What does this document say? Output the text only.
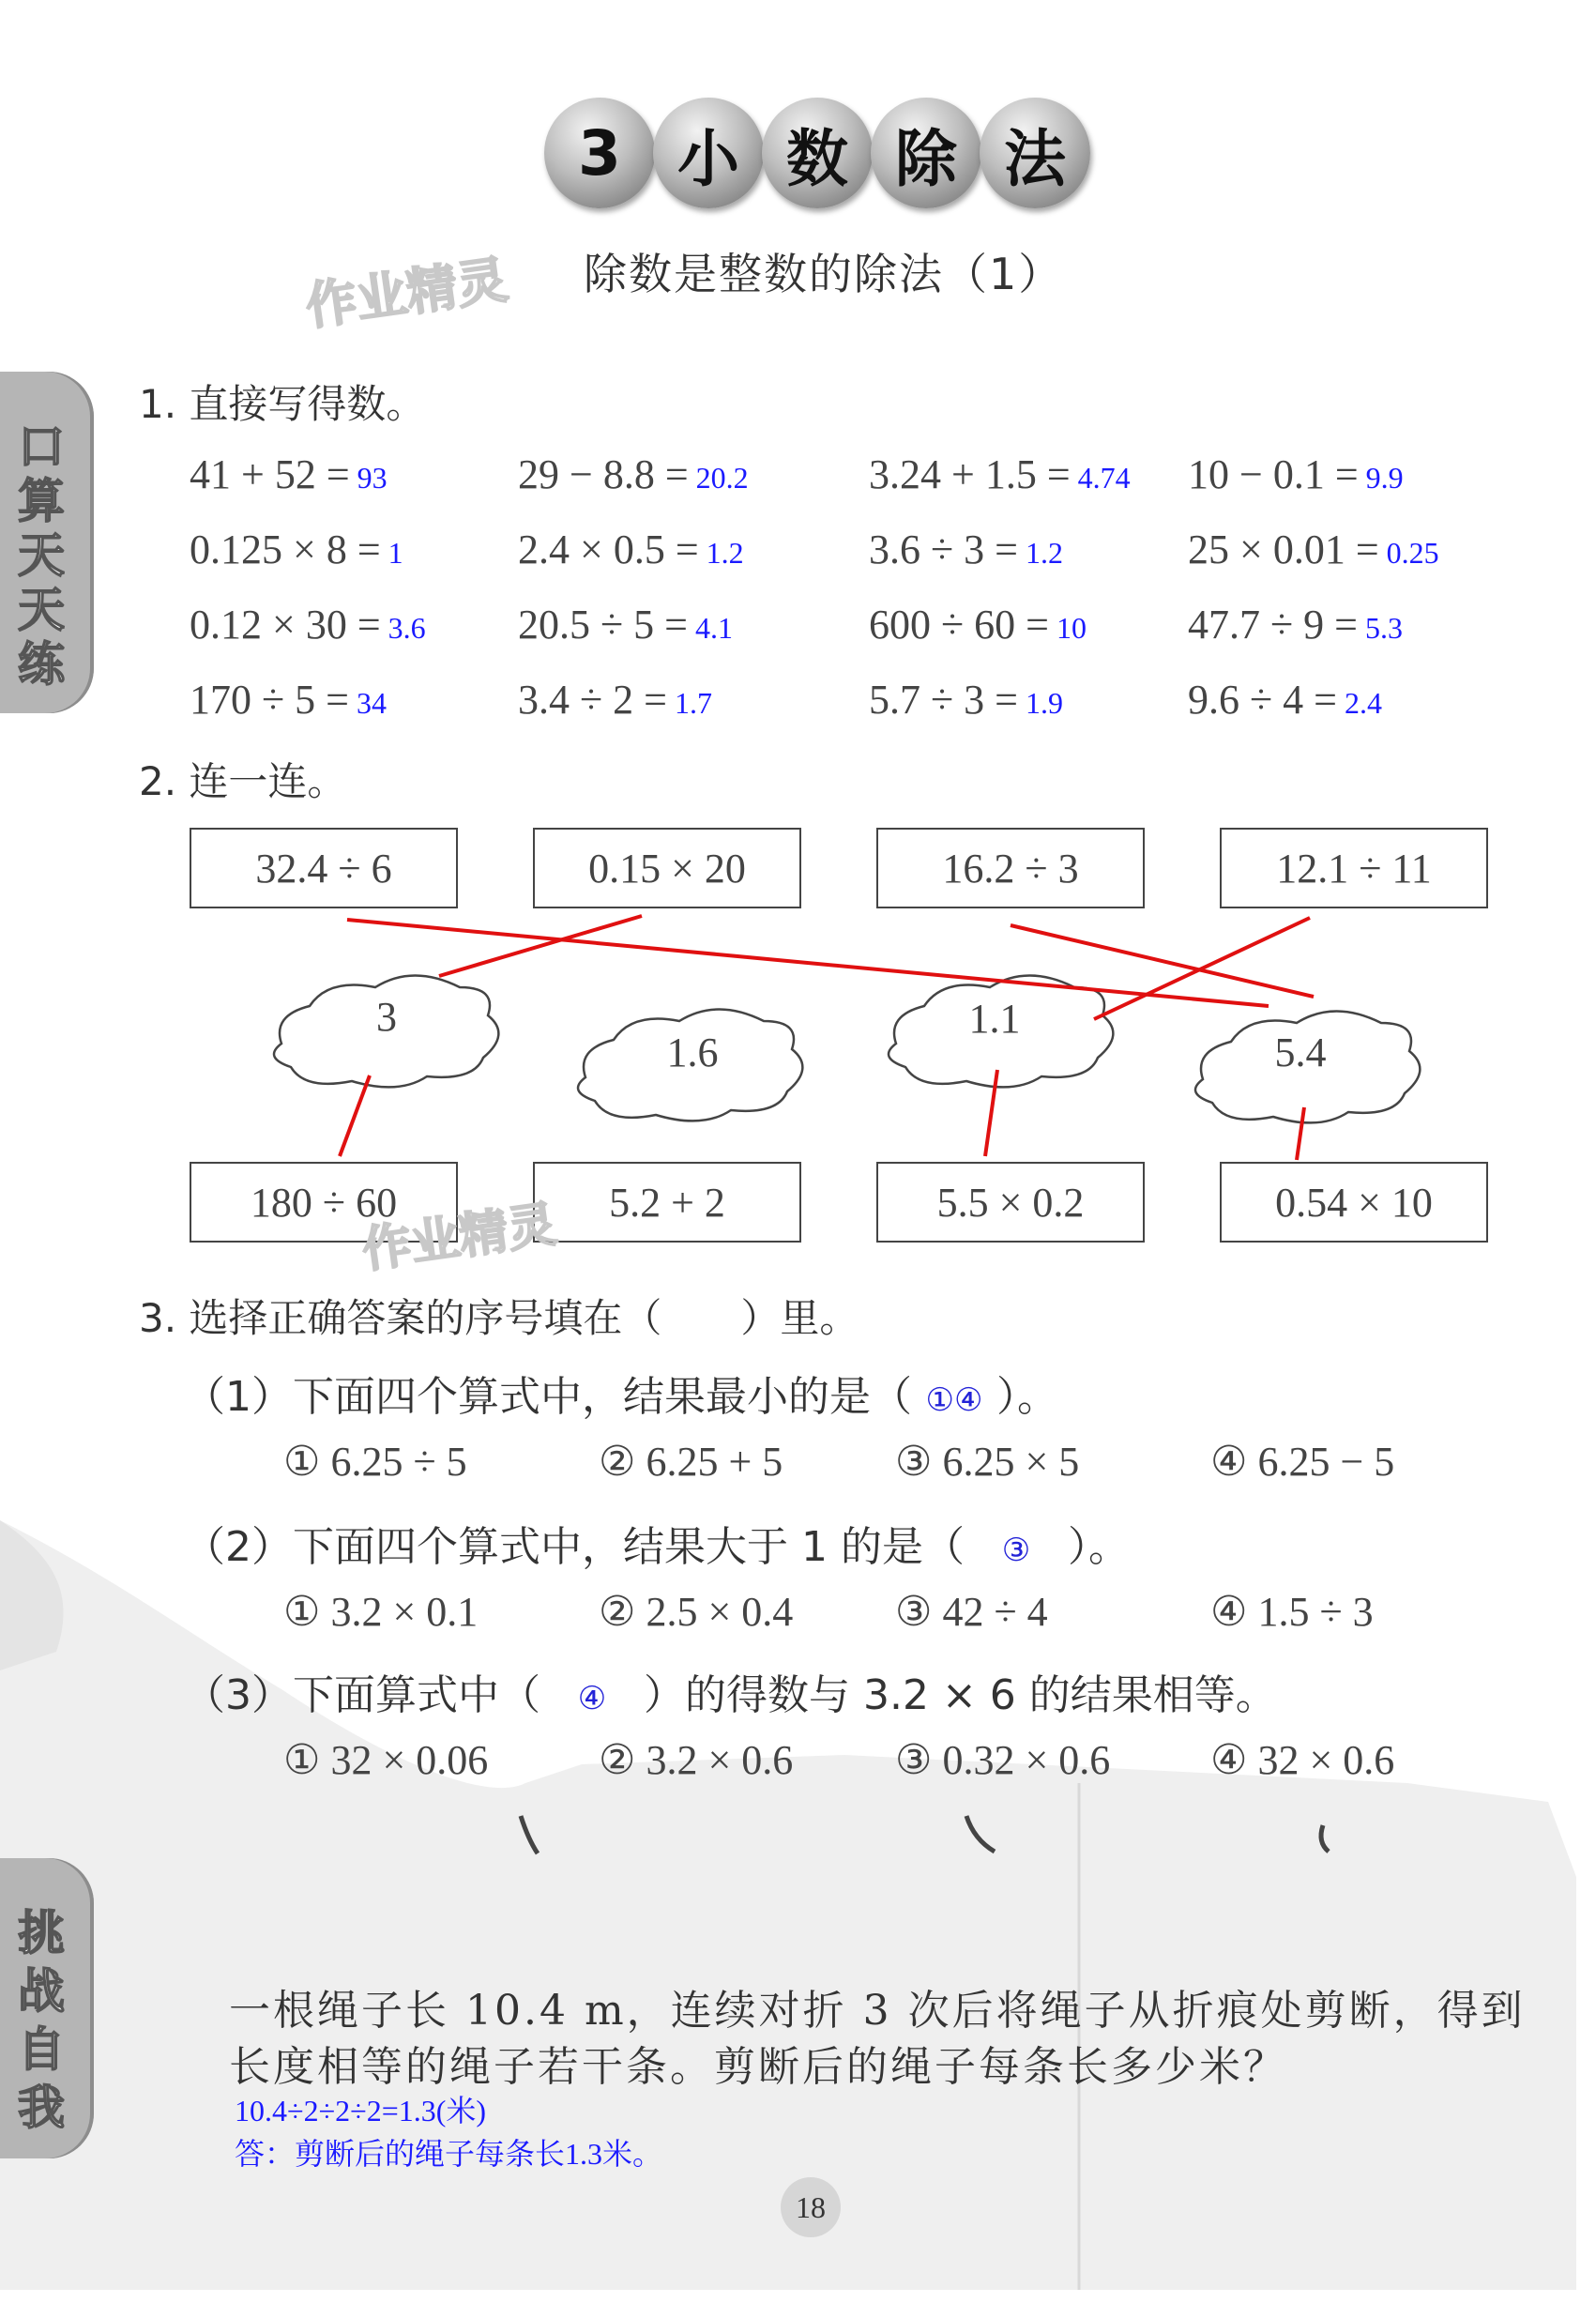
3 小 数 除 法
作业精灵 除数是整数的除法（1）
口
算
天
天
练
挑
战
自
我
1. 直接写得数。
41 + 52 = 93	29 − 8.8 = 20.2	3.24 + 1.5 = 4.74 10 − 0.1 = 9.9
0.125 × 8 = 1	2.4 × 0.5 = 1.2	3.6 ÷ 3 = 1.2	25 × 0.01 = 0.25
0.12 × 30 = 3.6 20.5 ÷ 5 = 4.1	600 ÷ 60 = 10 47.7 ÷ 9 = 5.3
170 ÷ 5 = 34	3.4 ÷ 2 = 1.7	5.7 ÷ 3 = 1.9	9.6 ÷ 4 = 2.4
2. 连一连。
32.4 ÷ 6	0.15 × 20	16.2 ÷ 3	12.1 ÷ 11
3
1.6
1.1
5.4
180 ÷ 60	5.2 + 2	5.5 × 0.2	0.54 × 10
作业精灵
3. 选择正确答案的序号填在（　　）里。
（1）下面四个算式中，结果最小的是（ ①④ ）。
① 6.25 ÷ 5	② 6.25 + 5	③ 6.25 × 5	④ 6.25 − 5
（2）下面四个算式中，结果大于 1 的是（ ③ ）。
① 3.2 × 0.1	② 2.5 × 0.4 ③ 42 ÷ 4	④ 1.5 ÷ 3
（3）下面算式中（ ④ ）的得数与 3.2 × 6 的结果相等。
① 32 × 0.06	② 3.2 × 0.6 ③ 0.32 × 0.6 ④ 32 × 0.6
一根绳子长 10.4 m，连续对折 3 次后将绳子从折痕处剪断，得到
长度相等的绳子若干条。剪断后的绳子每条长多少米？
10.4÷2÷2÷2=1.3(米)
答：剪断后的绳子每条长1.3米。
18
